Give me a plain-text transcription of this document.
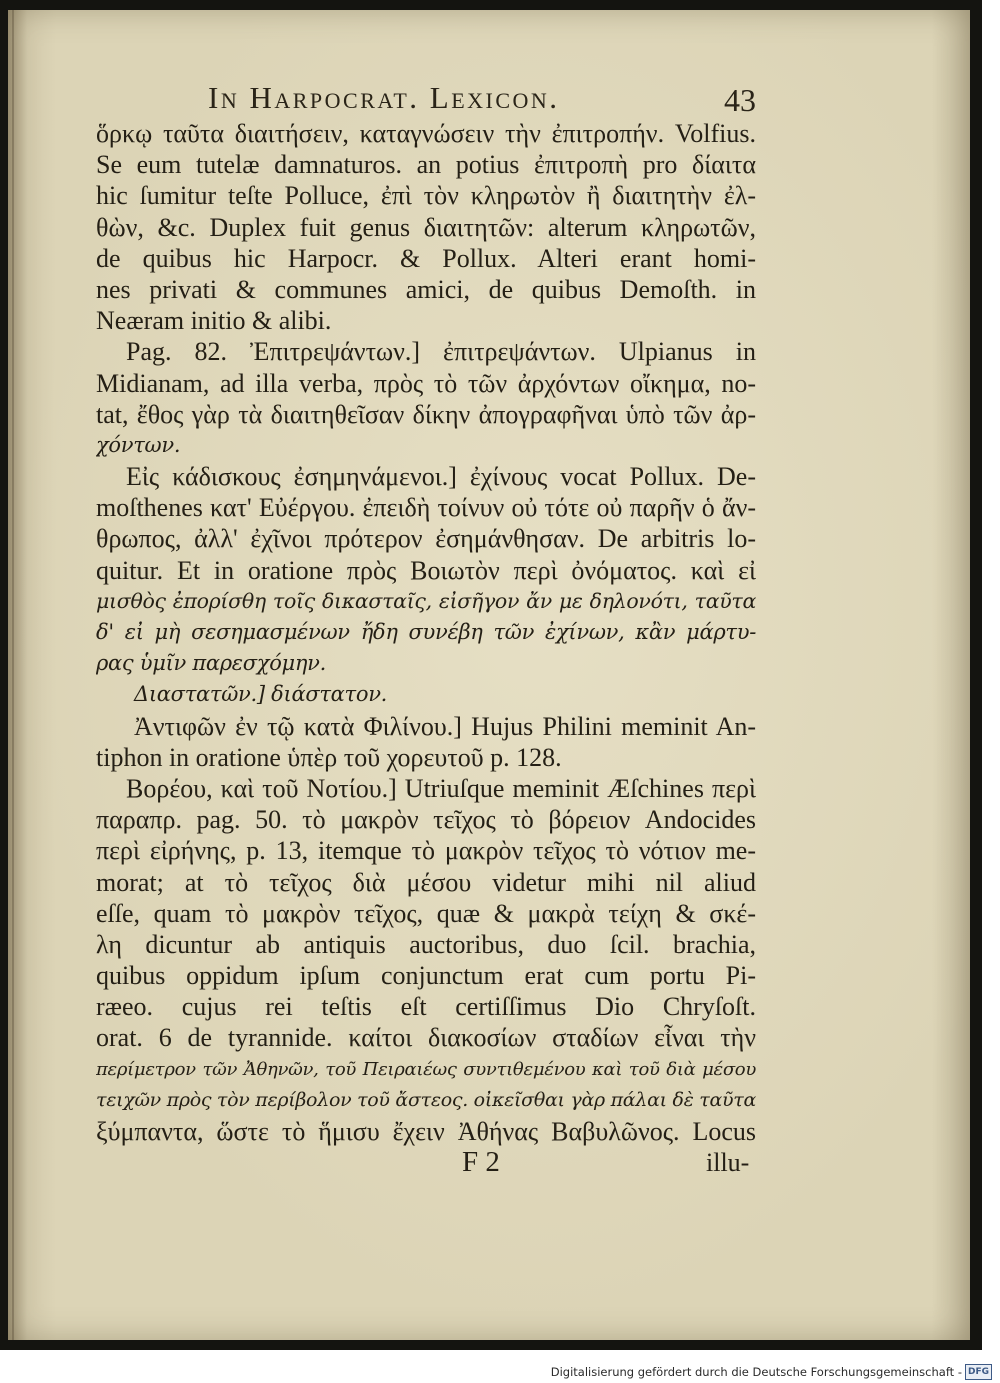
In Harpocrat. Lexicon.	43
ὅρκῳ ταῦτα διαιτήσειν, καταγνώσειν τὴν ἐπιτροπήν. Volfius.
Se eum tutelæ damnaturos. an potius ἐπιτροπὴ pro δίαιτα
hic ſumitur teſte Polluce, ἐπὶ τὸν κληρωτὸν ἢ διαιτητὴν ἐλ-
θὼν, &c. Duplex fuit genus διαιτητῶν: alterum κληρωτῶν,
de quibus hic Harpocr. & Pollux. Alteri erant homi-
nes privati & communes amici, de quibus Demoſth. in
Neæram initio & alibi.
Pag. 82. Ἐπιτρεψάντων.] ἐπιτρεψάντων. Ulpianus in
Midianam, ad illa verba, πρὸς τὸ τῶν ἀρχόντων οἴκημα, no-
tat, ἔθος γὰρ τὰ διαιτηθεῖσαν δίκην ἀπογραφῆναι ὑπὸ τῶν ἀρ-
χόντων.
Εἰς κάδισκους ἐσημηνάμενοι.] ἐχίνους vocat Pollux. De-
moſthenes κατ' Εὐέργου. ἐπειδὴ τοίνυν οὐ τότε οὐ παρῆν ὁ ἄν-
θρωπος, ἀλλ' ἐχῖνοι πρότερον ἐσημάνθησαν. De arbitris lo-
quitur. Et in oratione πρὸς Βοιωτὸν περὶ ὀνόματος. καὶ εἰ
μισθὸς ἐπορίσθη τοῖς δικασταῖς, εἰσῆγον ἄν με δηλονότι, ταῦτα
δ' εἰ μὴ σεσημασμένων ἤδη συνέβη τῶν ἐχίνων, κἂν μάρτυ-
ρας ὑμῖν παρεσχόμην.
Διαστατῶν.] διάστατον.
Ἀντιφῶν ἐν τῷ κατὰ Φιλίνου.] Hujus Philini meminit An-
tiphon in oratione ὑπὲρ τοῦ χορευτοῦ p. 128.
Βορέου, καὶ τοῦ Νοτίου.] Utriuſque meminit Æſchines περὶ
παραπρ. pag. 50. τὸ μακρὸν τεῖχος τὸ βόρειον Andocides
περὶ εἰρήνης, p. 13, itemque τὸ μακρὸν τεῖχος τὸ νότιον me-
morat; at τὸ τεῖχος διὰ μέσου videtur mihi nil aliud
eſſe, quam τὸ μακρὸν τεῖχος, quæ & μακρὰ τείχη & σκέ-
λη dicuntur ab antiquis auctoribus, duo ſcil. brachia,
quibus oppidum ipſum conjunctum erat cum portu Pi-
ræeo. cujus rei teſtis eſt certiſſimus Dio Chryſoſt.
orat. 6 de tyrannide. καίτοι διακοσίων σταδίων εἶναι τὴν
περίμετρον τῶν Ἀθηνῶν, τοῦ Πειραιέως συντιθεμένου καὶ τοῦ διὰ μέσου
τειχῶν πρὸς τὸν περίβολον τοῦ ἄστεος. οἰκεῖσθαι γὰρ πάλαι δὲ ταῦτα
ξύμπαντα, ὥστε τὸ ἥμισυ ἔχειν Ἀθήνας Βαβυλῶνος. Locus
F 2	illu-
Digitalisierung gefördert durch die Deutsche Forschungsgemeinschaft - DFG
